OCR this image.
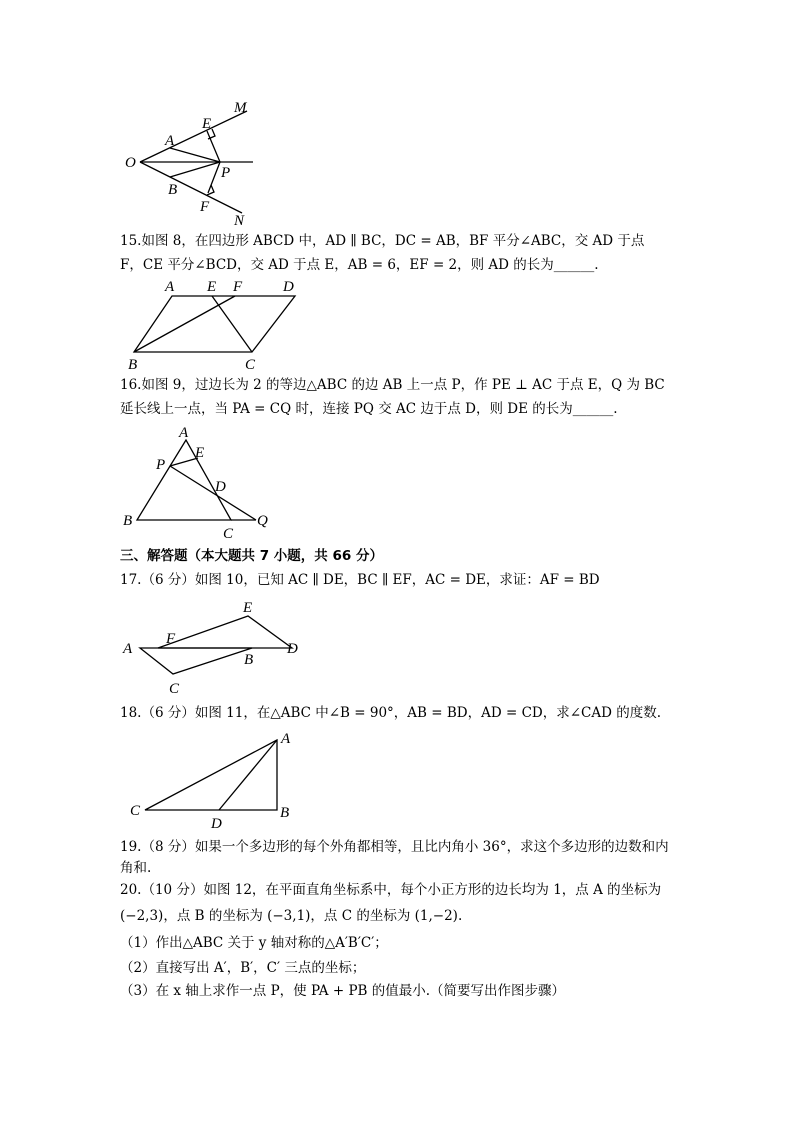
O
A
E
M
P
B
F
N
15.如图 8，在四边形 ABCD 中，AD ∥ BC，DC = AB，BF 平分∠ABC，交 AD 于点
F，CE 平分∠BCD，交 AD 于点 E，AB = 6，EF = 2，则 AD 的长为______.
A E F	D
B	C
16.如图 9，过边长为 2 的等边△ABC 的边 AB 上一点 P，作 PE ⊥ AC 于点 E，Q 为 BC
延长线上一点，当 PA = CQ 时，连接 PQ 交 AC 边于点 D，则 DE 的长为______.
A
E
P
D
B
C
Q
三、解答题（本大题共 7 小题，共 66 分）
17.（6 分）如图 10，已知 AC ∥ DE，BC ∥ EF，AC = DE，求证：AF = BD
E
A
F
B
D
C
18.（6 分）如图 11，在△ABC 中∠B = 90°，AB = BD，AD = CD，求∠CAD 的度数.
A
C
D
B
19.（8 分）如果一个多边形的每个外角都相等，且比内角小 36°，求这个多边形的边数和内
角和.
20.（10 分）如图 12，在平面直角坐标系中，每个小正方形的边长均为 1，点 A 的坐标为
(−2,3)，点 B 的坐标为 (−3,1)，点 C 的坐标为 (1,−2).
（1）作出△ABC 关于 y 轴对称的△A′B′C′；
（2）直接写出 A′，B′，C′ 三点的坐标；
（3）在 x 轴上求作一点 P，使 PA + PB 的值最小.（简要写出作图步骤）
